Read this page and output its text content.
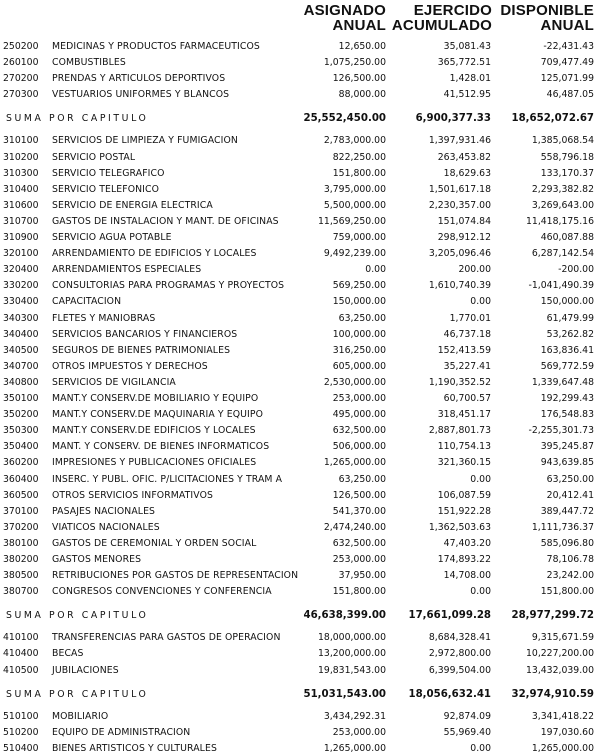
ASIGNADO
ANUAL
EJERCIDO
ACUMULADO
DISPONIBLE
ANUAL
250200 MEDICINAS Y PRODUCTOS FARMACEUTICOS	12,650.00	35,081.43	-22,431.43
260100 COMBUSTIBLES	1,075,250.00	365,772.51	709,477.49
270200 PRENDAS Y ARTICULOS DEPORTIVOS	126,500.00	1,428.01	125,071.99
270300 VESTUARIOS UNIFORMES Y BLANCOS	88,000.00	41,512.95	46,487.05
SUMA POR CAPITULO	25,552,450.00	6,900,377.33	18,652,072.67
310100 SERVICIOS DE LIMPIEZA Y FUMIGACION	2,783,000.00	1,397,931.46	1,385,068.54
310200 SERVICIO POSTAL	822,250.00	263,453.82	558,796.18
310300 SERVICIO TELEGRAFICO	151,800.00	18,629.63	133,170.37
310400 SERVICIO TELEFONICO	3,795,000.00	1,501,617.18	2,293,382.82
310600 SERVICIO DE ENERGIA ELECTRICA	5,500,000.00	2,230,357.00	3,269,643.00
310700 GASTOS DE INSTALACION Y MANT. DE OFICINAS	11,569,250.00	151,074.84	11,418,175.16
310900 SERVICIO AGUA POTABLE	759,000.00	298,912.12	460,087.88
320100 ARRENDAMIENTO DE EDIFICIOS Y LOCALES	9,492,239.00	3,205,096.46	6,287,142.54
320400 ARRENDAMIENTOS ESPECIALES	0.00	200.00	-200.00
330200 CONSULTORIAS PARA PROGRAMAS Y PROYECTOS	569,250.00	1,610,740.39	-1,041,490.39
330400 CAPACITACION	150,000.00	0.00	150,000.00
340300 FLETES Y MANIOBRAS	63,250.00	1,770.01	61,479.99
340400 SERVICIOS BANCARIOS Y FINANCIEROS	100,000.00	46,737.18	53,262.82
340500 SEGUROS DE BIENES PATRIMONIALES	316,250.00	152,413.59	163,836.41
340700 OTROS IMPUESTOS Y DERECHOS	605,000.00	35,227.41	569,772.59
340800 SERVICIOS DE VIGILANCIA	2,530,000.00	1,190,352.52	1,339,647.48
350100 MANT.Y CONSERV.DE MOBILIARIO Y EQUIPO	253,000.00	60,700.57	192,299.43
350200 MANT.Y CONSERV.DE MAQUINARIA Y EQUIPO	495,000.00	318,451.17	176,548.83
350300 MANT.Y CONSERV.DE EDIFICIOS Y LOCALES	632,500.00	2,887,801.73	-2,255,301.73
350400 MANT. Y CONSERV. DE BIENES INFORMATICOS	506,000.00	110,754.13	395,245.87
360200 IMPRESIONES Y PUBLICACIONES OFICIALES	1,265,000.00	321,360.15	943,639.85
360400 INSERC. Y PUBL. OFIC. P/LICITACIONES Y TRAM A	63,250.00	0.00	63,250.00
360500 OTROS SERVICIOS INFORMATIVOS	126,500.00	106,087.59	20,412.41
370100 PASAJES NACIONALES	541,370.00	151,922.28	389,447.72
370200 VIATICOS NACIONALES	2,474,240.00	1,362,503.63	1,111,736.37
380100 GASTOS DE CEREMONIAL Y ORDEN SOCIAL	632,500.00	47,403.20	585,096.80
380200 GASTOS MENORES	253,000.00	174,893.22	78,106.78
380500 RETRIBUCIONES POR GASTOS DE REPRESENTACION	37,950.00	14,708.00	23,242.00
380700 CONGRESOS CONVENCIONES Y CONFERENCIA	151,800.00	0.00	151,800.00
SUMA POR CAPITULO	46,638,399.00	17,661,099.28	28,977,299.72
410100 TRANSFERENCIAS PARA GASTOS DE OPERACION	18,000,000.00	8,684,328.41	9,315,671.59
410400 BECAS	13,200,000.00	2,972,800.00	10,227,200.00
410500 JUBILACIONES	19,831,543.00	6,399,504.00	13,432,039.00
SUMA POR CAPITULO	51,031,543.00	18,056,632.41	32,974,910.59
510100 MOBILIARIO	3,434,292.31	92,874.09	3,341,418.22
510200 EQUIPO DE ADMINISTRACION	253,000.00	55,969.40	197,030.60
510400 BIENES ARTISTICOS Y CULTURALES	1,265,000.00	0.00	1,265,000.00
